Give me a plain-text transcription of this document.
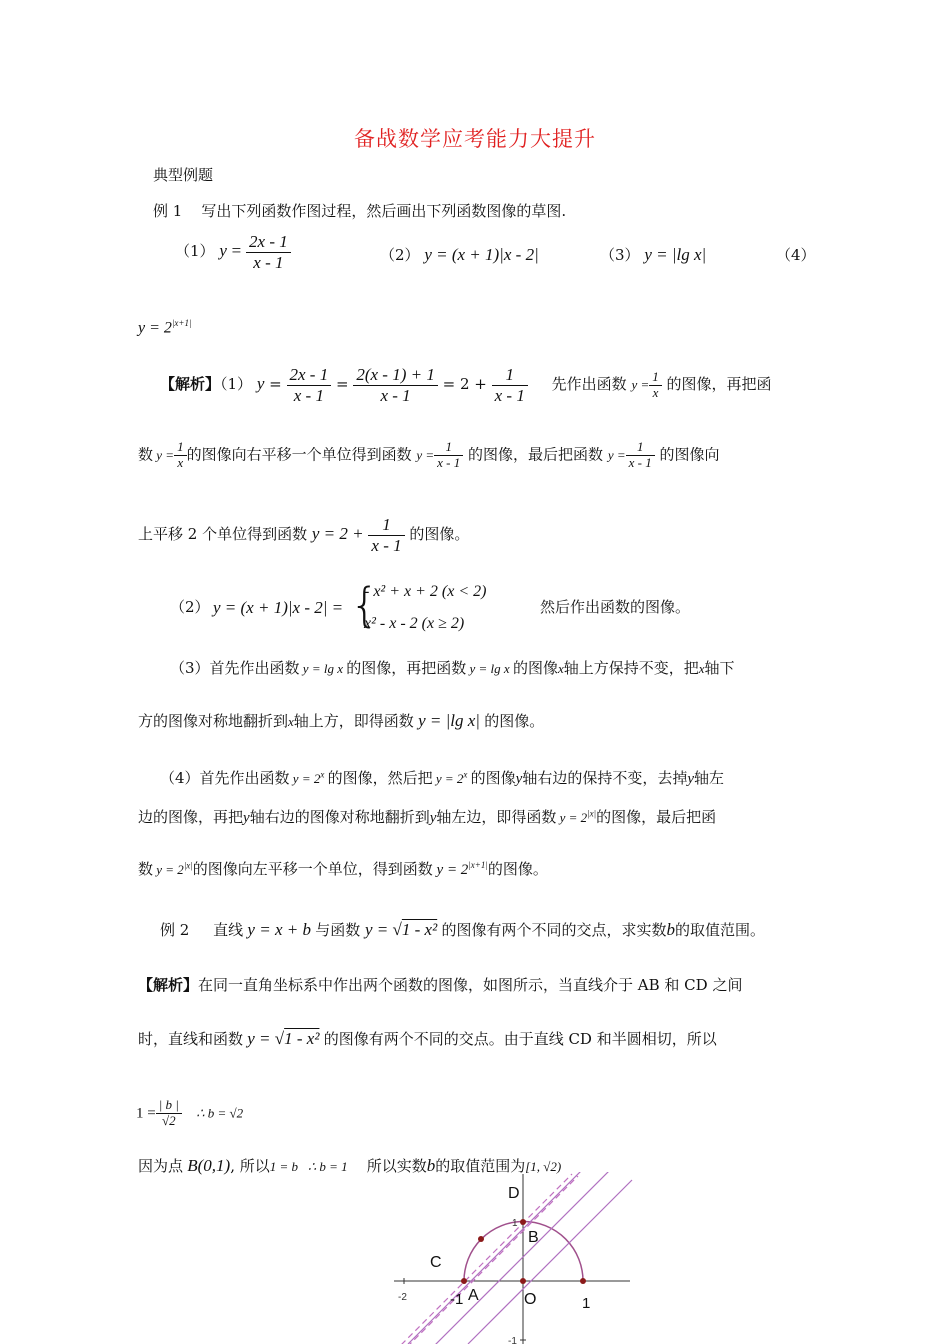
备战数学应考能力大提升
典型例题
例 1 写出下列函数作图过程，然后画出下列函数图像的草图.
（1） $y = \frac{2x - 1}{x - 1}$	（2） y = (x + 1)|x - 2|	（3） y = |lg x|	（4）
$y = 2^{|x+1|}$
【解析】（1） $y = \frac{2x - 1}{x - 1} = \frac{2(x - 1) + 1}{x - 1} = 2 + \frac{1}{x - 1}$ 先作出函数 $y = \frac{1}{x}$ 的图像，再把函
数 $y = \frac{1}{x}$ 的图像向右平移一个单位得到函数 $y = \frac{1}{x - 1}$ 的图像，最后把函数 $y = \frac{1}{x - 1}$ 的图像向
上平移 2 个单位得到函数 $y = 2 + \frac{1}{x - 1}$ 的图像。
（2） y = (x + 1)|x - 2| = {
- x² + x + 2 (x < 2)
x² - x - 2 (x ≥ 2)
然后作出函数的图像。
（3）首先作出函数 y = lg x 的图像，再把函数 y = lg x 的图像x轴上方保持不变，把x轴下
方的图像对称地翻折到x轴上方，即得函数 y = |lg x| 的图像。
（4）首先作出函数 $y = 2^x$ 的图像，然后把 $y = 2^x$ 的图像y轴右边的保持不变，去掉y轴左
边的图像，再把y轴右边的图像对称地翻折到y轴左边，即得函数 $y = 2^{|x|}$的图像，最后把函
数 $y = 2^{|x|}$的图像向左平移一个单位，得到函数 $y = 2^{|x+1|}$的图像。
例 2 直线 y = x + b 与函数 y = √1 - x² 的图像有两个不同的交点，求实数b的取值范围。
【解析】在同一直角坐标系中作出两个函数的图像，如图所示，当直线介于 AB 和 CD 之间
时，直线和函数 y = √1 - x² 的图像有两个不同的交点。由于直线 CD 和半圆相切，所以
$1 = \frac{| b |}{√2}$ ∴ b = √2
因为点 B(0,1), 所以1 = b ∴ b = 1 所以实数b的取值范围为[1, √2)
D
B
C
A	O
-1	1
-2
1
-1
